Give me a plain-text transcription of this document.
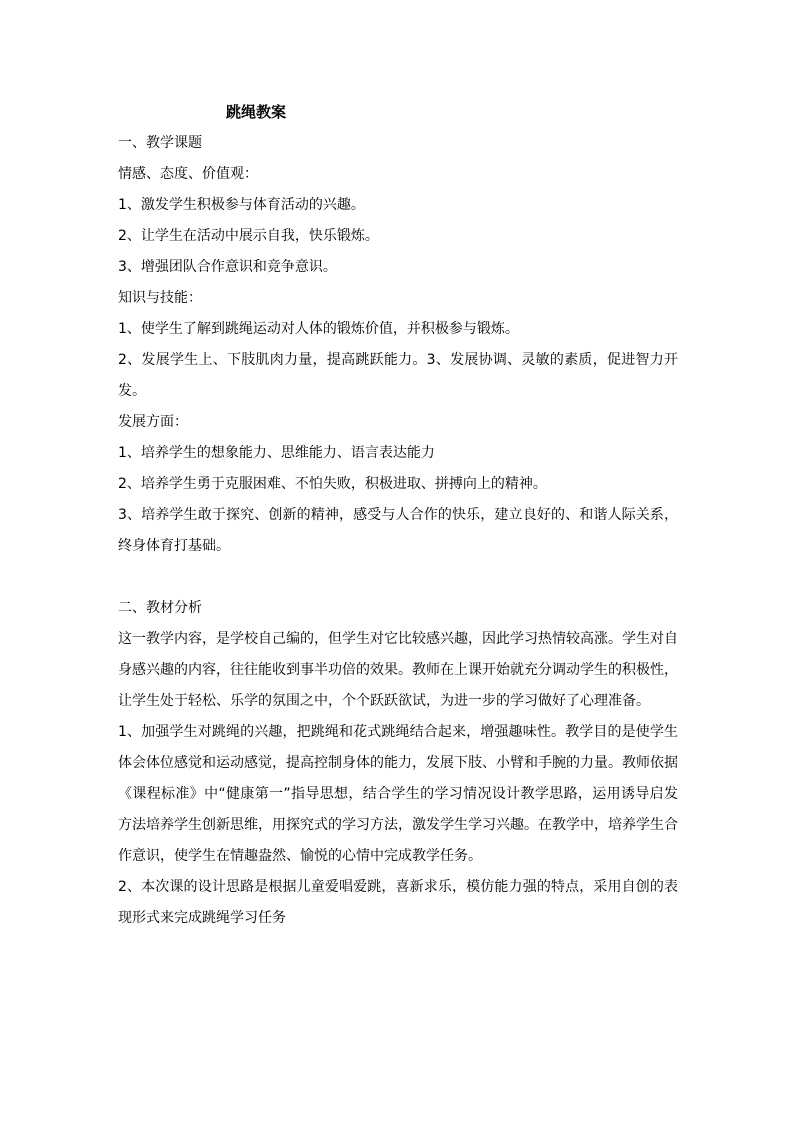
跳绳教案

一、教学课题

情感、态度、价值观：

1、激发学生积极参与体育活动的兴趣。

2、让学生在活动中展示自我，快乐锻炼。

3、增强团队合作意识和竞争意识。

知识与技能：

1、使学生了解到跳绳运动对人体的锻炼价值，并积极参与锻炼。

2、发展学生上、下肢肌肉力量，提高跳跃能力。3、发展协调、灵敏的素质，促进智力开发。

发展方面：

1、培养学生的想象能力、思维能力、语言表达能力

2、培养学生勇于克服困难、不怕失败，积极进取、拼搏向上的精神。

3、培养学生敢于探究、创新的精神，感受与人合作的快乐，建立良好的、和谐人际关系，终身体育打基础。

二、教材分析

这一教学内容，是学校自己编的，但学生对它比较感兴趣，因此学习热情较高涨。学生对自身感兴趣的内容，往往能收到事半功倍的效果。教师在上课开始就充分调动学生的积极性，让学生处于轻松、乐学的氛围之中，个个跃跃欲试，为进一步的学习做好了心理准备。

1、加强学生对跳绳的兴趣，把跳绳和花式跳绳结合起来，增强趣味性。教学目的是使学生体会体位感觉和运动感觉，提高控制身体的能力，发展下肢、小臂和手腕的力量。教师依据《课程标准》中“健康第一”指导思想，结合学生的学习情况设计教学思路，运用诱导启发方法培养学生创新思维，用探究式的学习方法，激发学生学习兴趣。在教学中，培养学生合作意识，使学生在情趣盎然、愉悦的心情中完成教学任务。

2、本次课的设计思路是根据儿童爱唱爱跳，喜新求乐，模仿能力强的特点，采用自创的表现形式来完成跳绳学习任务
